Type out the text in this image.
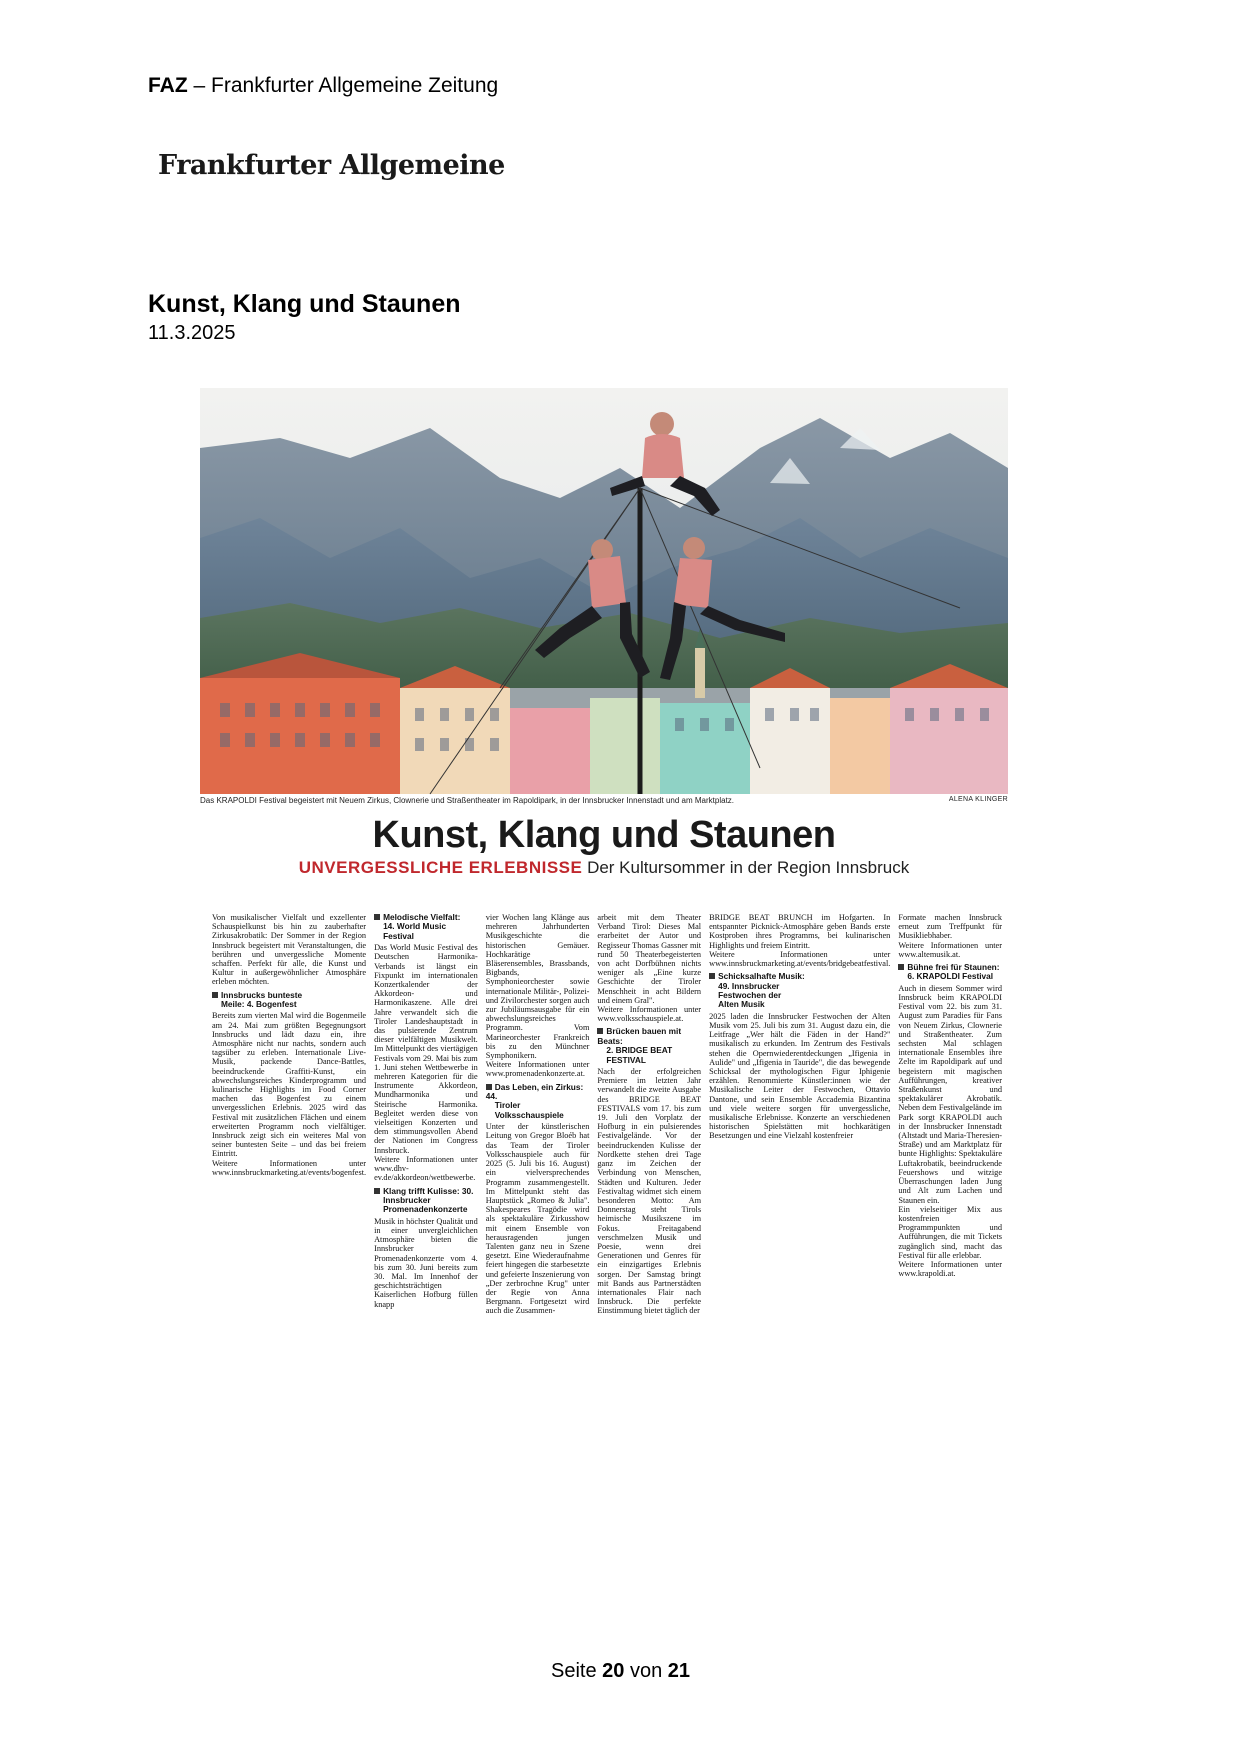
FAZ – Frankfurter Allgemeine Zeitung
Frankfurter Allgemeine
Kunst, Klang und Staunen
11.3.2025
Das KRAPOLDI Festival begeistert mit Neuem Zirkus, Clownerie und Straßentheater im Rapoldipark, in der Innsbrucker Innenstadt und am Marktplatz.	ALENA KLINGER
Kunst, Klang und Staunen
UNVERGESSLICHE ERLEBNISSE Der Kultursommer in der Region Innsbruck

Von musikalischer Vielfalt und exzellenter Schauspielkunst bis hin zu zauberhafter Zirkusakrobatik: Der Sommer in der Region Innsbruck begeistert mit Veranstaltungen, die berühren und unvergessliche Momente schaffen. Perfekt für alle, die Kunst und Kultur in außergewöhnlicher Atmosphäre erleben möchten.

Innsbrucks bunteste
Meile: 4. Bogenfest

Bereits zum vierten Mal wird die Bogenmeile am 24. Mai zum größten Begegnungsort Innsbrucks und lädt dazu ein, ihre Atmosphäre nicht nur nachts, sondern auch tagsüber zu erleben. Internationale Live-Musik, packende Dance-Battles, beeindruckende Graffiti-Kunst, ein abwechslungsreiches Kinderprogramm und kulinarische Highlights im Food Corner machen das Bogenfest zu einem unvergesslichen Erlebnis. 2025 wird das Festival mit zusätzlichen Flächen und einem erweiterten Programm noch vielfältiger. Innsbruck zeigt sich ein weiteres Mal von seiner buntesten Seite – und das bei freiem Eintritt.

Weitere Informationen unter www.innsbruckmarketing.at/events/bogenfest.

Melodische Vielfalt:
14. World Music Festival

Das World Music Festival des Deutschen Harmonika-Verbands ist längst ein Fixpunkt im internationalen Konzertkalender der Akkordeon- und Harmonikaszene. Alle drei Jahre verwandelt sich die Tiroler Landeshauptstadt in das pulsierende Zentrum dieser vielfältigen Musikwelt. Im Mittelpunkt des viertägigen Festivals vom 29. Mai bis zum 1. Juni stehen Wettbewerbe in mehreren Kategorien für die Instrumente Akkordeon, Mundharmonika und Steirische Harmonika. Begleitet werden diese von vielseitigen Konzerten und dem stimmungsvollen Abend der Nationen im Congress Innsbruck.

Weitere Informationen unter www.dhv-ev.de/akkordeon/wettbewerbe.

Klang trifft Kulisse: 30.
Innsbrucker
Promenadenkonzerte

Musik in höchster Qualität und in einer unvergleichlichen Atmosphäre bieten die Innsbrucker Promenadenkonzerte vom 4. bis zum 30. Juni bereits zum 30. Mal. Im Innenhof der geschichtsträchtigen Kaiserlichen Hofburg füllen knapp

vier Wochen lang Klänge aus mehreren Jahrhunderten Musikgeschichte die historischen Gemäuer. Hochkarätige Bläserensembles, Brassbands, Bigbands, Symphonieorchester sowie internationale Militär-, Polizei- und Zivilorchester sorgen auch zur Jubiläumsausgabe für ein abwechslungsreiches Programm. Vom Marineorchester Frankreich bis zu den Münchner Symphonikern.

Weitere Informationen unter www.promenadenkonzerte.at.

Das Leben, ein Zirkus: 44.
Tiroler Volksschauspiele

Unter der künstlerischen Leitung von Gregor Bloéb hat das Team der Tiroler Volksschauspiele auch für 2025 (5. Juli bis 16. August) ein vielversprechendes Programm zusammengestellt. Im Mittelpunkt steht das Hauptstück „Romeo & Julia". Shakespeares Tragödie wird als spektakuläre Zirkusshow mit einem Ensemble von herausragenden jungen Talenten ganz neu in Szene gesetzt. Eine Wiederaufnahme feiert hingegen die starbesetzte und gefeierte Inszenierung von „Der zerbrochne Krug" unter der Regie von Anna Bergmann. Fortgesetzt wird auch die Zusammen-

arbeit mit dem Theater Verband Tirol: Dieses Mal erarbeitet der Autor und Regisseur Thomas Gassner mit rund 50 Theaterbegeisterten von acht Dorfbühnen nichts weniger als „Eine kurze Geschichte der Tiroler Menschheit in acht Bildern und einem Gral".

Weitere Informationen unter www.volksschauspiele.at.

Brücken bauen mit Beats:
2. BRIDGE BEAT FESTIVAL

Nach der erfolgreichen Premiere im letzten Jahr verwandelt die zweite Ausgabe des BRIDGE BEAT FESTIVALS vom 17. bis zum 19. Juli den Vorplatz der Hofburg in ein pulsierendes Festivalgelände. Vor der beeindruckenden Kulisse der Nordkette stehen drei Tage ganz im Zeichen der Verbindung von Menschen, Städten und Kulturen. Jeder Festivaltag widmet sich einem besonderen Motto: Am Donnerstag steht Tirols heimische Musikszene im Fokus. Freitagabend verschmelzen Musik und Poesie, wenn drei Generationen und Genres für ein einzigartiges Erlebnis sorgen. Der Samstag bringt mit Bands aus Partnerstädten internationales Flair nach Innsbruck. Die perfekte Einstimmung bietet täglich der

BRIDGE BEAT BRUNCH im Hofgarten. In entspannter Picknick-Atmosphäre geben Bands erste Kostproben ihres Programms, bei kulinarischen Highlights und freiem Eintritt.

Weitere Informationen unter www.innsbruckmarketing.at/events/bridgebeatfestival.

Schicksalhafte Musik:
49. Innsbrucker
Festwochen der
Alten Musik

2025 laden die Innsbrucker Festwochen der Alten Musik vom 25. Juli bis zum 31. August dazu ein, die Leitfrage „Wer hält die Fäden in der Hand?" musikalisch zu erkunden. Im Zentrum des Festivals stehen die Opernwiederentdeckungen „Ifigenia in Aulide" und „Ifigenia in Tauride", die das bewegende Schicksal der mythologischen Figur Iphigenie erzählen. Renommierte Künstler:innen wie der Musikalische Leiter der Festwochen, Ottavio Dantone, und sein Ensemble Accademia Bizantina und viele weitere sorgen für unvergessliche, musikalische Erlebnisse. Konzerte an verschiedenen historischen Spielstätten mit hochkarätigen Besetzungen und eine Vielzahl kostenfreier

Formate machen Innsbruck erneut zum Treffpunkt für Musikliebhaber.

Weitere Informationen unter www.altemusik.at.

Bühne frei für Staunen:
6. KRAPOLDI Festival

Auch in diesem Sommer wird Innsbruck beim KRAPOLDI Festival vom 22. bis zum 31. August zum Paradies für Fans von Neuem Zirkus, Clownerie und Straßentheater. Zum sechsten Mal schlagen internationale Ensembles ihre Zelte im Rapoldipark auf und begeistern mit magischen Aufführungen, kreativer Straßenkunst und spektakulärer Akrobatik. Neben dem Festivalgelände im Park sorgt KRAPOLDI auch in der Innsbrucker Innenstadt (Altstadt und Maria-Theresien-Straße) und am Marktplatz für bunte Highlights: Spektakuläre Luftakrobatik, beeindruckende Feuershows und witzige Überraschungen laden Jung und Alt zum Lachen und Staunen ein.

Ein vielseitiger Mix aus kostenfreien Programmpunkten und Aufführungen, die mit Tickets zugänglich sind, macht das Festival für alle erlebbar.

Weitere Informationen unter www.krapoldi.at.

Seite 20 von 21
